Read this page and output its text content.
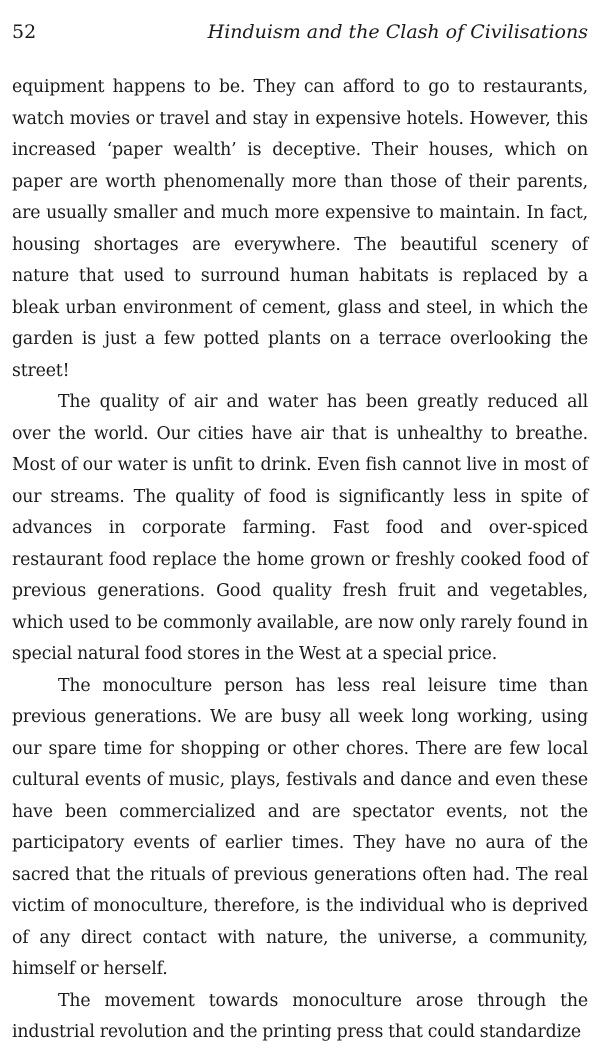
52	Hinduism and the Clash of Civilisations

equipment happens to be. They can afford to go to restaurants, watch movies or travel and stay in expensive hotels. However, this increased ‘paper wealth’ is deceptive. Their houses, which on paper are worth phenomenally more than those of their parents, are usually smaller and much more expensive to maintain. In fact, housing shortages are everywhere. The beautiful scenery of nature that used to surround human habitats is replaced by a bleak urban environment of cement, glass and steel, in which the garden is just a few potted plants on a terrace overlooking the street!

The quality of air and water has been greatly reduced all over the world. Our cities have air that is unhealthy to breathe. Most of our water is unfit to drink. Even fish cannot live in most of our streams. The quality of food is significantly less in spite of advances in corporate farming. Fast food and over-spiced restaurant food replace the home grown or freshly cooked food of previous generations. Good quality fresh fruit and vegetables, which used to be commonly available, are now only rarely found in special natural food stores in the West at a special price.

The monoculture person has less real leisure time than previous generations. We are busy all week long working, using our spare time for shopping or other chores. There are few local cultural events of music, plays, festivals and dance and even these have been commercialized and are spectator events, not the participatory events of earlier times. They have no aura of the sacred that the rituals of previous generations often had. The real victim of monoculture, therefore, is the individual who is deprived of any direct contact with nature, the universe, a community, himself or herself.

The movement towards monoculture arose through the industrial revolution and the printing press that could standardize
